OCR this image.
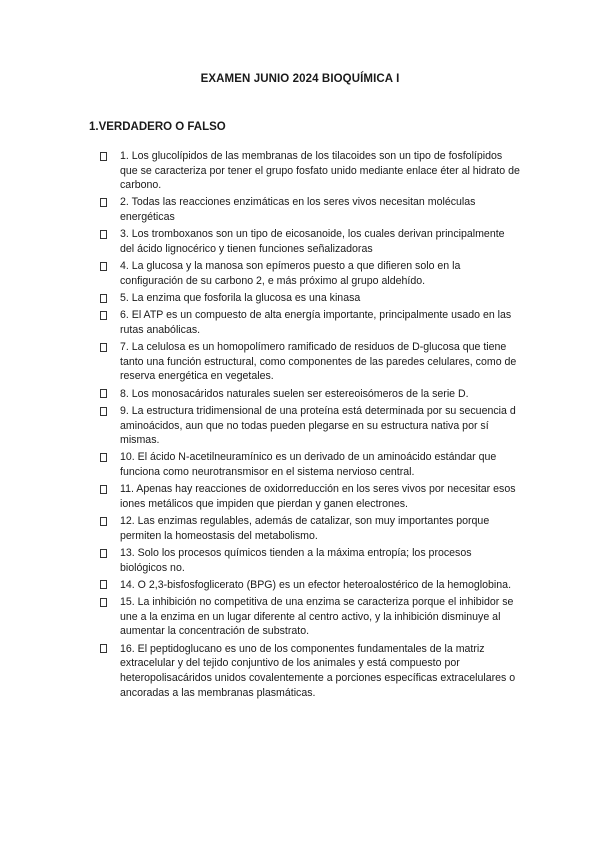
EXAMEN JUNIO 2024 BIOQUÍMICA I
1.VERDADERO O FALSO
1. Los glucolípidos de las membranas de los tilacoides son un tipo de fosfolípidos que se caracteriza por tener el grupo fosfato unido mediante enlace éter al hidrato de carbono.
2. Todas las reacciones enzimáticas en los seres vivos necesitan moléculas energéticas
3. Los tromboxanos son un tipo de eicosanoide, los cuales derivan principalmente del ácido lignocérico y tienen funciones señalizadoras
4. La glucosa y la manosa son epímeros puesto a que difieren solo en la configuración de su carbono 2, e más próximo al grupo aldehído.
5. La enzima que fosforila la glucosa es una kinasa
6. El ATP es un compuesto de alta energía importante, principalmente usado en las rutas anabólicas.
7. La celulosa es un homopolímero ramificado de residuos de D-glucosa que tiene tanto una función estructural, como componentes de las paredes celulares, como de reserva energética en vegetales.
8. Los monosacáridos naturales suelen ser estereoisómeros de la serie D.
9. La estructura tridimensional de una proteína está determinada por su secuencia d aminoácidos, aun que no todas pueden plegarse en su estructura nativa por sí mismas.
10. El ácido N-acetilneuramínico es un derivado de un aminoácido estándar que funciona como neurotransmisor en el sistema nervioso central.
11. Apenas hay reacciones de oxidorreducción en los seres vivos por necesitar esos iones metálicos que impiden que pierdan y ganen electrones.
12. Las enzimas regulables, además de catalizar, son muy importantes porque permiten la homeostasis del metabolismo.
13. Solo los procesos químicos tienden a la máxima entropía; los procesos biológicos no.
14. O 2,3-bisfosfoglicerato (BPG) es un efector heteroalostérico de la hemoglobina.
15. La inhibición no competitiva de una enzima se caracteriza porque el inhibidor se une a la enzima en un lugar diferente al centro activo, y la inhibición disminuye al aumentar la concentración de substrato.
16. El peptidoglucano es uno de los componentes fundamentales de la matriz extracelular y del tejido conjuntivo de los animales y está compuesto por heteropolisacáridos unidos covalentemente a porciones específicas extracelulares o ancoradas a las membranas plasmáticas.
